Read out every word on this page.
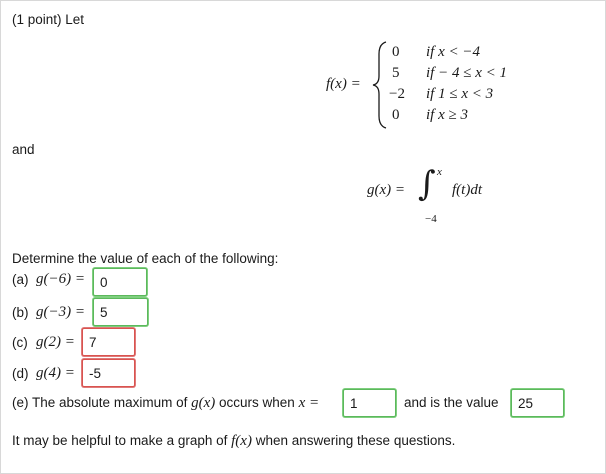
(1 point) Let
f(x) =
0	if x < −4
5	if − 4 ≤ x < 1
−2	if 1 ≤ x < 3
0	if x ≥ 3
and
g(x) = ∫ x
−4
f(t)dt
Determine the value of each of the following:
(a) g(−6) =	0
(b) g(−3) =	5
(c) g(2) =	7
(d) g(4) =	-5
(e) The absolute maximum of g(x) occurs when x =	1	and is the value	25
It may be helpful to make a graph of f(x) when answering these questions.
